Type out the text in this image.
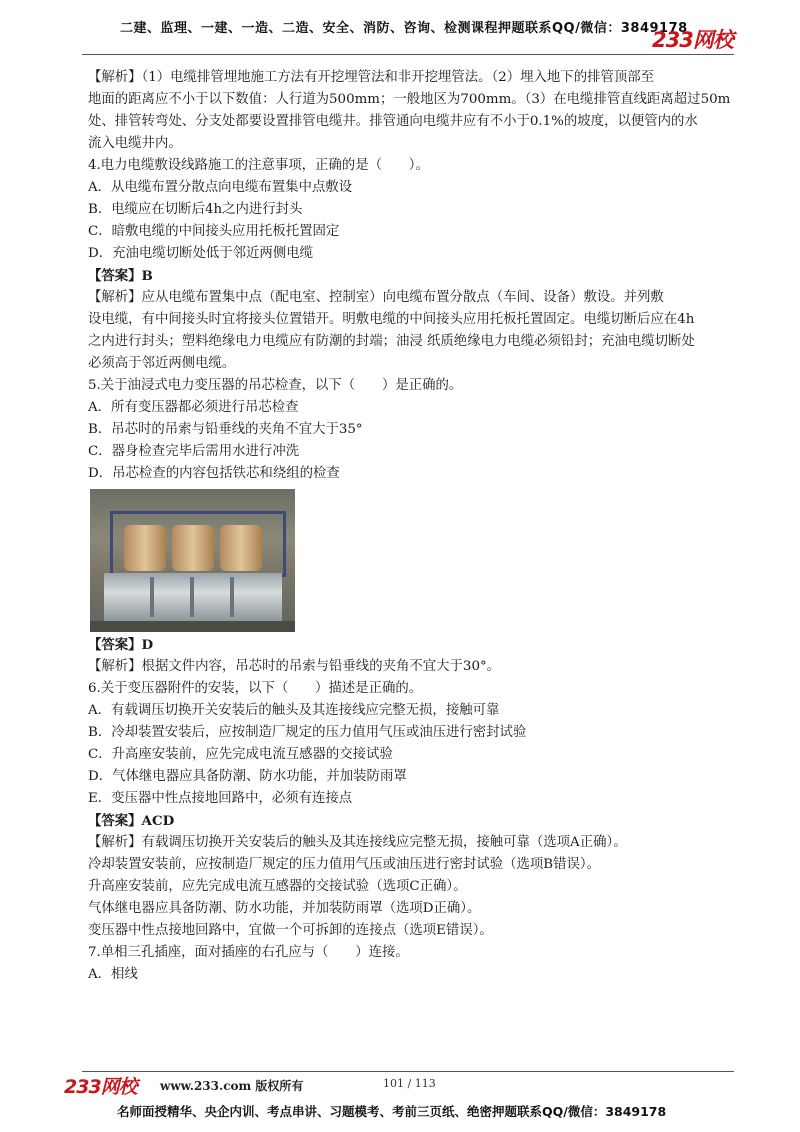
二建、监理、一建、一造、二造、安全、消防、咨询、检测课程押题联系QQ/微信：3849178
233网校
【解析】（1）电缆排管埋地施工方法有开挖埋管法和非开挖埋管法。（2）埋入地下的排管顶部至
地面的距离应不小于以下数值：人行道为500mm；一般地区为700mm。（3）在电缆排管直线距离超过50m
处、排管转弯处、分支处都要设置排管电缆井。排管通向电缆井应有不小于0.1%的坡度，以便管内的水
流入电缆井内。
4.电力电缆敷设线路施工的注意事项，正确的是（　　）。
A．从电缆布置分散点向电缆布置集中点敷设
B．电缆应在切断后4h之内进行封头
C．暗敷电缆的中间接头应用托板托置固定
D．充油电缆切断处低于邻近两侧电缆
【答案】B
【解析】应从电缆布置集中点（配电室、控制室）向电缆布置分散点（车间、设备）敷设。并列敷
设电缆，有中间接头时宜将接头位置错开。明敷电缆的中间接头应用托板托置固定。电缆切断后应在4h
之内进行封头；塑料绝缘电力电缆应有防潮的封端；油浸 纸质绝缘电力电缆必须铅封；充油电缆切断处
必须高于邻近两侧电缆。
5.关于油浸式电力变压器的吊芯检查，以下（　　）是正确的。
A．所有变压器都必须进行吊芯检查
B．吊芯时的吊索与铅垂线的夹角不宜大于35°
C．器身检查完毕后需用水进行冲洗
D．吊芯检查的内容包括铁芯和绕组的检查
【答案】D
【解析】根据文件内容，吊芯时的吊索与铅垂线的夹角不宜大于30°。
6.关于变压器附件的安装，以下（　　）描述是正确的。
A．有载调压切换开关安装后的触头及其连接线应完整无损，接触可靠
B．冷却装置安装后，应按制造厂规定的压力值用气压或油压进行密封试验
C．升高座安装前，应先完成电流互感器的交接试验
D．气体继电器应具备防潮、防水功能，并加装防雨罩
E．变压器中性点接地回路中，必须有连接点
【答案】ACD
【解析】有载调压切换开关安装后的触头及其连接线应完整无损，接触可靠（选项A正确）。
冷却装置安装前，应按制造厂规定的压力值用气压或油压进行密封试验（选项B错误）。
升高座安装前，应先完成电流互感器的交接试验（选项C正确）。
气体继电器应具备防潮、防水功能，并加装防雨罩（选项D正确）。
变压器中性点接地回路中，宜做一个可拆卸的连接点（选项E错误）。
7.单相三孔插座，面对插座的右孔应与（　　）连接。
A．相线
233网校 www.233.com 版权所有	101 / 113
名师面授精华、央企内训、考点串讲、习题模考、考前三页纸、绝密押题联系QQ/微信：3849178
